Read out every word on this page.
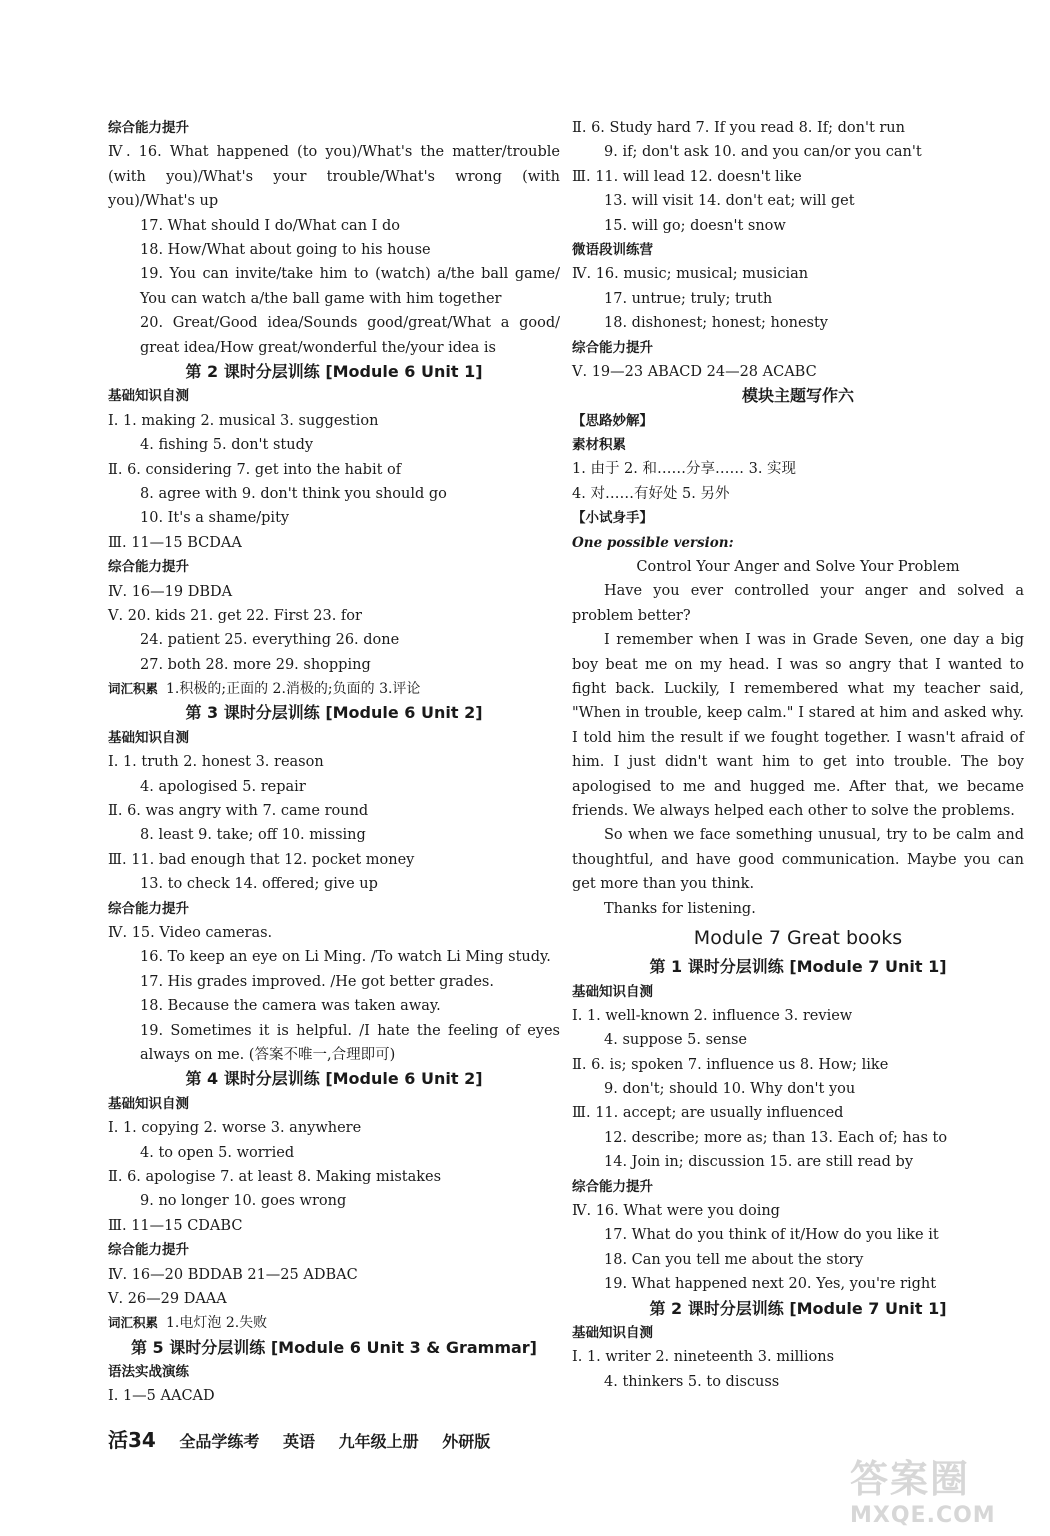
综合能力提升
Ⅳ. 16. What happened (to you)/What's the matter/trouble (with you)/What's your trouble/What's wrong (with you)/What's up
17. What should I do/What can I do
18. How/What about going to his house
19. You can invite/take him to (watch) a/the ball game/ You can watch a/the ball game with him together
20. Great/Good idea/Sounds good/great/What a good/ great idea/How great/wonderful the/your idea is
第 2 课时分层训练 [Module 6 Unit 1]
基础知识自测
Ⅰ. 1. making 2. musical 3. suggestion
4. fishing 5. don't study
Ⅱ. 6. considering 7. get into the habit of
8. agree with 9. don't think you should go
10. It's a shame/pity
Ⅲ. 11—15 BCDAA
综合能力提升
Ⅳ. 16—19 DBDA
Ⅴ. 20. kids 21. get 22. First 23. for
24. patient 25. everything 26. done
27. both 28. more 29. shopping
词汇积累 1.积极的;正面的 2.消极的;负面的 3.评论
第 3 课时分层训练 [Module 6 Unit 2]
基础知识自测
Ⅰ. 1. truth 2. honest 3. reason
4. apologised 5. repair
Ⅱ. 6. was angry with 7. came round
8. least 9. take; off 10. missing
Ⅲ. 11. bad enough that 12. pocket money
13. to check 14. offered; give up
综合能力提升
Ⅳ. 15. Video cameras.
16. To keep an eye on Li Ming. /To watch Li Ming study.
17. His grades improved. /He got better grades.
18. Because the camera was taken away.
19. Sometimes it is helpful. /I hate the feeling of eyes always on me. (答案不唯一,合理即可)
第 4 课时分层训练 [Module 6 Unit 2]
基础知识自测
Ⅰ. 1. copying 2. worse 3. anywhere
4. to open 5. worried
Ⅱ. 6. apologise 7. at least 8. Making mistakes
9. no longer 10. goes wrong
Ⅲ. 11—15 CDABC
综合能力提升
Ⅳ. 16—20 BDDAB 21—25 ADBAC
Ⅴ. 26—29 DAAA
词汇积累 1.电灯泡 2.失败
第 5 课时分层训练 [Module 6 Unit 3 & Grammar]
语法实战演练
Ⅰ. 1—5 AACAD
Ⅱ. 6. Study hard 7. If you read 8. If; don't run
9. if; don't ask 10. and you can/or you can't
Ⅲ. 11. will lead 12. doesn't like
13. will visit 14. don't eat; will get
15. will go; doesn't snow
微语段训练营
Ⅳ. 16. music; musical; musician
17. untrue; truly; truth
18. dishonest; honest; honesty
综合能力提升
Ⅴ. 19—23 ABACD 24—28 ACABC
模块主题写作六
【思路妙解】
素材积累
1. 由于 2. 和……分享…… 3. 实现
4. 对……有好处 5. 另外
【小试身手】
One possible version:
Control Your Anger and Solve Your Problem
Have you ever controlled your anger and solved a problem better?
I remember when I was in Grade Seven, one day a big boy beat me on my head. I was so angry that I wanted to fight back. Luckily, I remembered what my teacher said, "When in trouble, keep calm." I stared at him and asked why. I told him the result if we fought together. I wasn't afraid of him. I just didn't want him to get into trouble. The boy apologised to me and hugged me. After that, we became friends. We always helped each other to solve the problems.
So when we face something unusual, try to be calm and thoughtful, and have good communication. Maybe you can get more than you think.
Thanks for listening.
Module 7 Great books
第 1 课时分层训练 [Module 7 Unit 1]
基础知识自测
Ⅰ. 1. well-known 2. influence 3. review
4. suppose 5. sense
Ⅱ. 6. is; spoken 7. influence us 8. How; like
9. don't; should 10. Why don't you
Ⅲ. 11. accept; are usually influenced
12. describe; more as; than 13. Each of; has to
14. Join in; discussion 15. are still read by
综合能力提升
Ⅳ. 16. What were you doing
17. What do you think of it/How do you like it
18. Can you tell me about the story
19. What happened next 20. Yes, you're right
第 2 课时分层训练 [Module 7 Unit 1]
基础知识自测
Ⅰ. 1. writer 2. nineteenth 3. millions
4. thinkers 5. to discuss
活34 全品学练考 英语 九年级上册 外研版
答案圈
MXQE.COM
